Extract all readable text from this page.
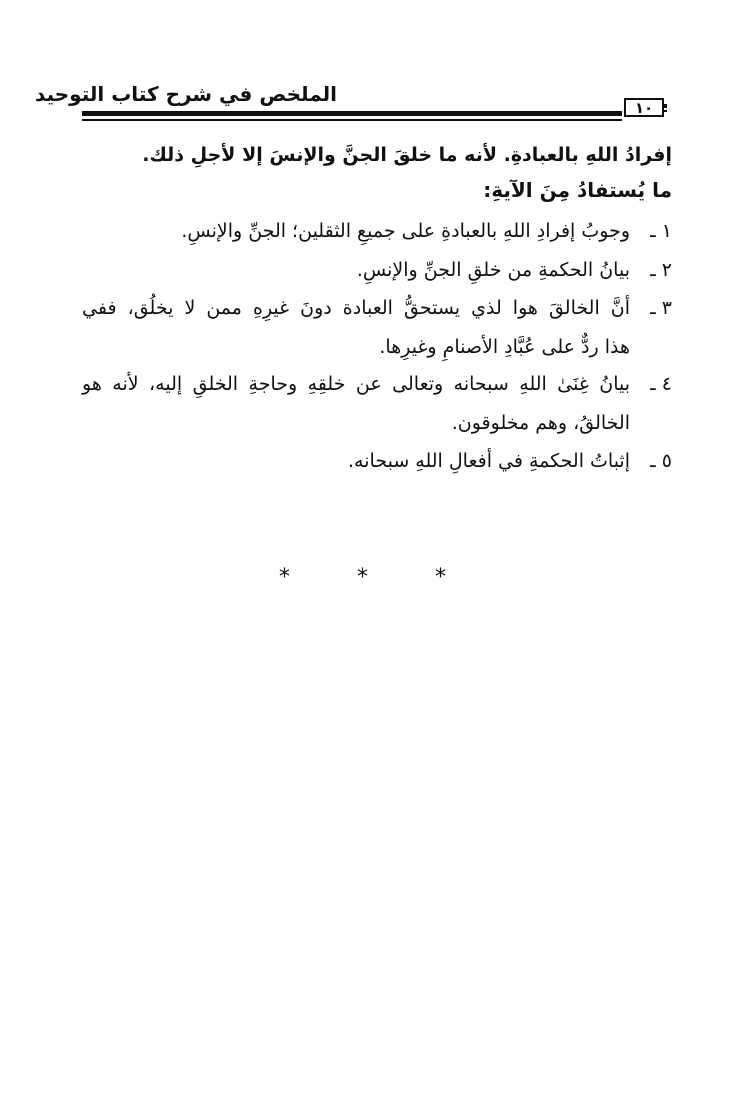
الملخص في شرح كتاب التوحيد
١٠
إفرادُ اللهِ بالعبادةِ. لأنه ما خلقَ الجنَّ والإنسَ إلا لأجلِ ذلك.
ما يُستفادُ مِنَ الآيةِ:
١ ـ
وجوبُ إفرادِ اللهِ بالعبادةِ على جميعِ الثقلين؛ الجنِّ والإنسِ.
٢ ـ
بيانُ الحكمةِ من خلقِ الجنِّ والإنسِ.
٣ ـ
أنَّ الخالقَ هوا لذي يستحقُّ العبادة دونَ غيرِهِ ممن لا يخلُق، ففي
هذا ردٌّ على عُبَّادِ الأصنامِ وغيرِها.
٤ ـ
بيانُ غِنَىٰ اللهِ سبحانه وتعالى عن خلقِهِ وحاجةِ الخلقِ إليه، لأنه هو
الخالقُ، وهم مخلوقون.
٥ ـ
إثباتُ الحكمةِ في أفعالِ اللهِ سبحانه.
* * *
